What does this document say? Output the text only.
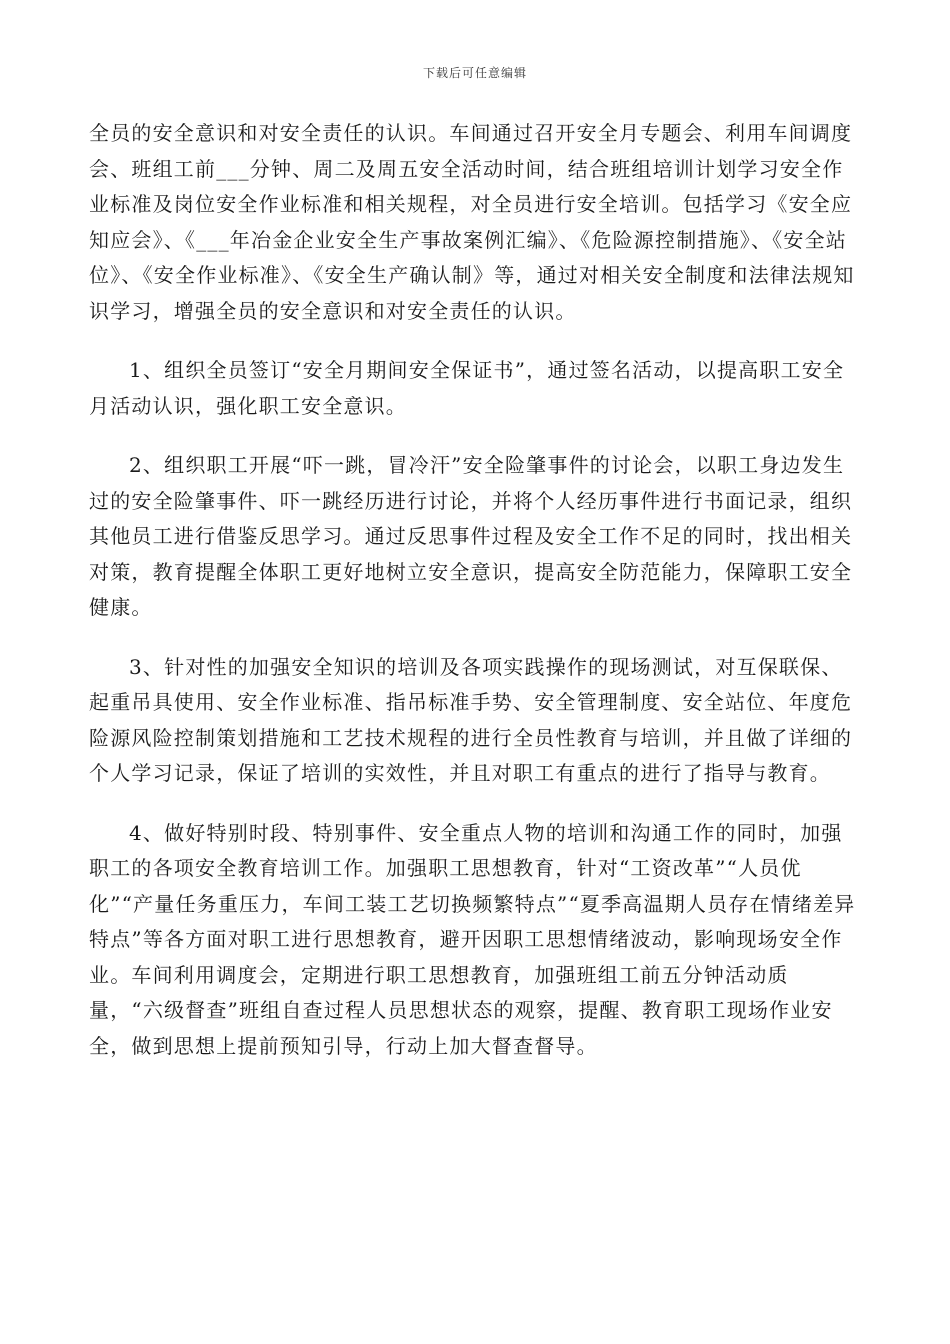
下载后可任意编辑

全员的安全意识和对安全责任的认识。车间通过召开安全月专题会、利用车间调度会、班组工前___分钟、周二及周五安全活动时间，结合班组培训计划学习安全作业标准及岗位安全作业标准和相关规程，对全员进行安全培训。包括学习《安全应知应会》、《___年冶金企业安全生产事故案例汇编》、《危险源控制措施》、《安全站位》、《安全作业标准》、《安全生产确认制》等，通过对相关安全制度和法律法规知识学习，增强全员的安全意识和对安全责任的认识。

1、组织全员签订“安全月期间安全保证书”，通过签名活动，以提高职工安全月活动认识，强化职工安全意识。

2、组织职工开展“吓一跳，冒冷汗”安全险肇事件的讨论会，以职工身边发生过的安全险肇事件、吓一跳经历进行讨论，并将个人经历事件进行书面记录，组织其他员工进行借鉴反思学习。通过反思事件过程及安全工作不足的同时，找出相关对策，教育提醒全体职工更好地树立安全意识，提高安全防范能力，保障职工安全健康。

3、针对性的加强安全知识的培训及各项实践操作的现场测试，对互保联保、起重吊具使用、安全作业标准、指吊标准手势、安全管理制度、安全站位、年度危险源风险控制策划措施和工艺技术规程的进行全员性教育与培训，并且做了详细的个人学习记录，保证了培训的实效性，并且对职工有重点的进行了指导与教育。

4、做好特别时段、特别事件、安全重点人物的培训和沟通工作的同时，加强职工的各项安全教育培训工作。加强职工思想教育，针对“工资改革”“人员优化”“产量任务重压力，车间工装工艺切换频繁特点”“夏季高温期人员存在情绪差异特点”等各方面对职工进行思想教育，避开因职工思想情绪波动，影响现场安全作业。车间利用调度会，定期进行职工思想教育，加强班组工前五分钟活动质量，“六级督查”班组自查过程人员思想状态的观察，提醒、教育职工现场作业安全，做到思想上提前预知引导，行动上加大督查督导。
